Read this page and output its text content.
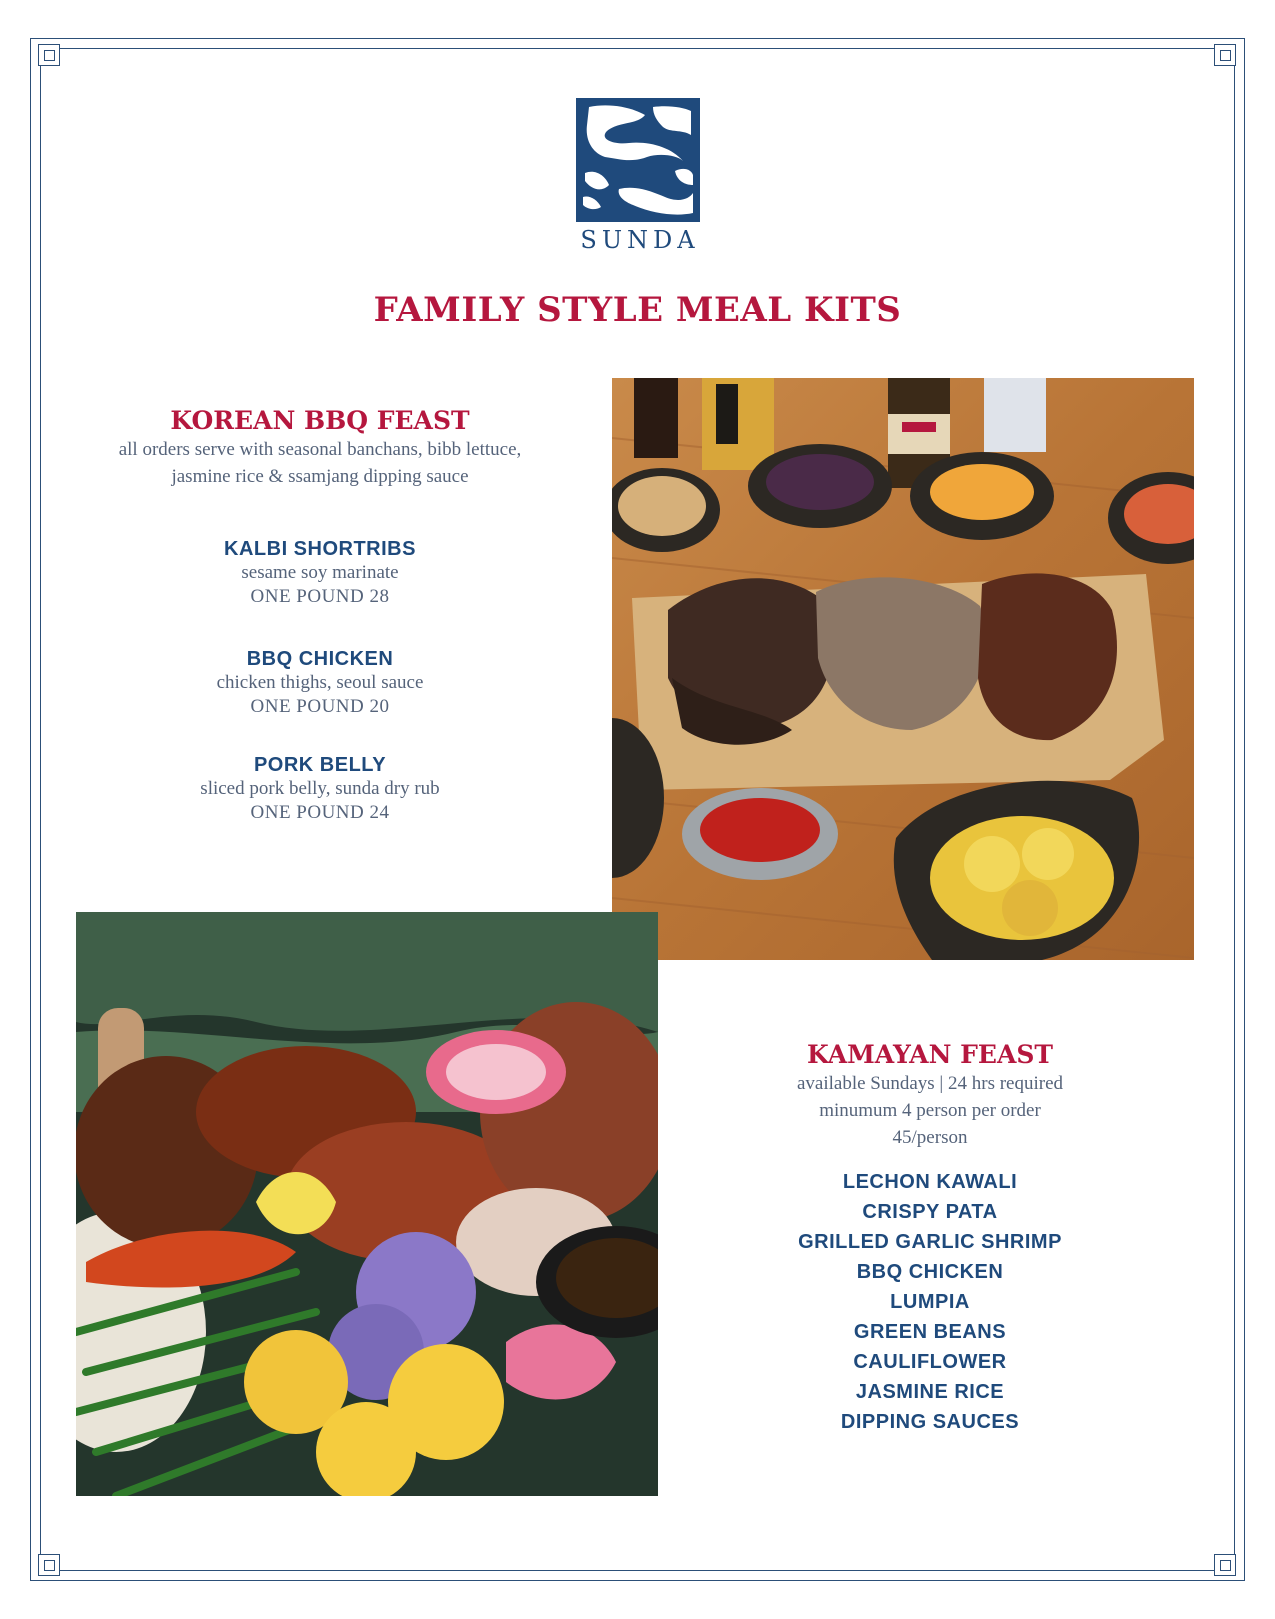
SUNDA
FAMILY STYLE MEAL KITS
KOREAN BBQ FEAST
all orders serve with seasonal banchans, bibb lettuce,
jasmine rice & ssamjang dipping sauce
KALBI SHORTRIBS
sesame soy marinate
ONE POUND 28
BBQ CHICKEN
chicken thighs, seoul sauce
ONE POUND 20
PORK BELLY
sliced pork belly, sunda dry rub
ONE POUND 24
KAMAYAN FEAST
available Sundays | 24 hrs required
minumum 4 person per order
45/person
LECHON KAWALI
CRISPY PATA
GRILLED GARLIC SHRIMP
BBQ CHICKEN
LUMPIA
GREEN BEANS
CAULIFLOWER
JASMINE RICE
DIPPING SAUCES
